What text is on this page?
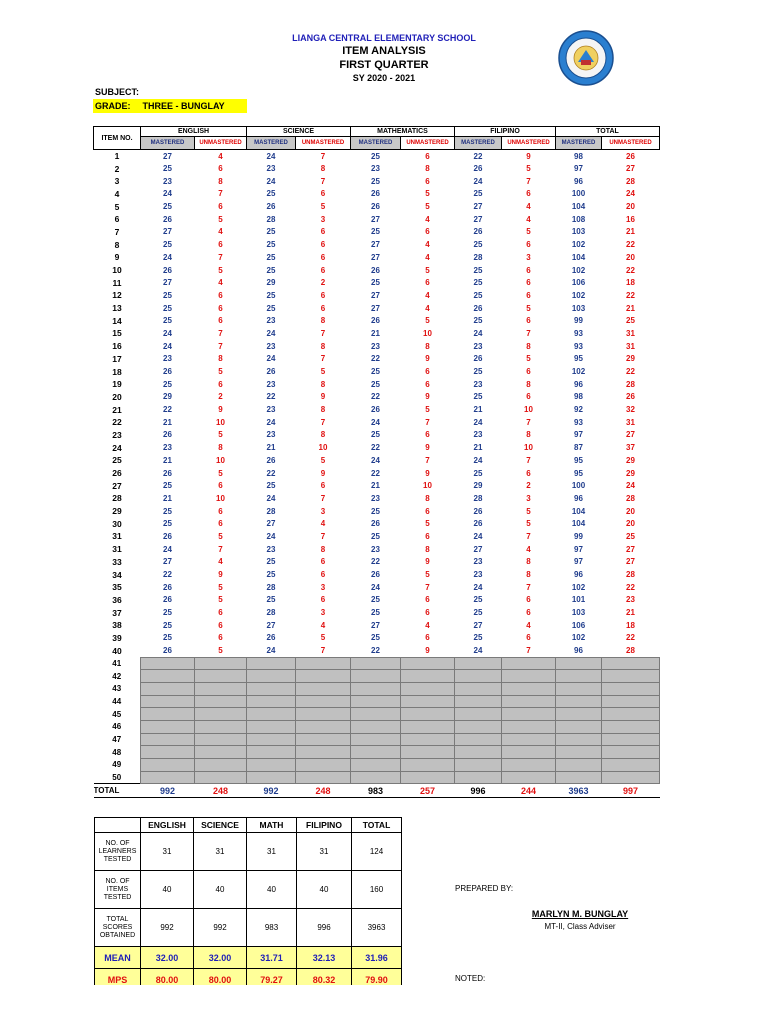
LIANGA CENTRAL ELEMENTARY SCHOOL
ITEM ANALYSIS
FIRST QUARTER
SY 2020 - 2021
SUBJECT:
GRADE: THREE - BUNGLAY
ITEM NO.	ENGLISH		SCIENCE		MATHEMATICS		FILIPINO		TOTAL	
	MASTERED	UNMASTERED	MASTERED	UNMASTERED	MASTERED	UNMASTERED	MASTERED	UNMASTERED	MASTERED	UNMASTERED
1	27	4	24	7	25	6	22	9	98	26
2	25	6	23	8	23	8	26	5	97	27
3	23	8	24	7	25	6	24	7	96	28
4	24	7	25	6	26	5	25	6	100	24
5	25	6	26	5	26	5	27	4	104	20
6	26	5	28	3	27	4	27	4	108	16
7	27	4	25	6	25	6	26	5	103	21
8	25	6	25	6	27	4	25	6	102	22
9	24	7	25	6	27	4	28	3	104	20
10	26	5	25	6	26	5	25	6	102	22
11	27	4	29	2	25	6	25	6	106	18
12	25	6	25	6	27	4	25	6	102	22
13	25	6	25	6	27	4	26	5	103	21
14	25	6	23	8	26	5	25	6	99	25
15	24	7	24	7	21	10	24	7	93	31
16	24	7	23	8	23	8	23	8	93	31
17	23	8	24	7	22	9	26	5	95	29
18	26	5	26	5	25	6	25	6	102	22
19	25	6	23	8	25	6	23	8	96	28
20	29	2	22	9	22	9	25	6	98	26
21	22	9	23	8	26	5	21	10	92	32
22	21	10	24	7	24	7	24	7	93	31
23	26	5	23	8	25	6	23	8	97	27
24	23	8	21	10	22	9	21	10	87	37
25	21	10	26	5	24	7	24	7	95	29
26	26	5	22	9	22	9	25	6	95	29
27	25	6	25	6	21	10	29	2	100	24
28	21	10	24	7	23	8	28	3	96	28
29	25	6	28	3	25	6	26	5	104	20
30	25	6	27	4	26	5	26	5	104	20
31	26	5	24	7	25	6	24	7	99	25
31	24	7	23	8	23	8	27	4	97	27
33	27	4	25	6	22	9	23	8	97	27
34	22	9	25	6	26	5	23	8	96	28
35	26	5	28	3	24	7	24	7	102	22
36	26	5	25	6	25	6	25	6	101	23
37	25	6	28	3	25	6	25	6	103	21
38	25	6	27	4	27	4	27	4	106	18
39	25	6	26	5	25	6	25	6	102	22
40	26	5	24	7	22	9	24	7	96	28
41										
42										
43										
44										
45										
46										
47										
48										
49										
50										
TOTAL	992	248	992	248	983	257	996	244	3963	997
	ENGLISH	SCIENCE	MATH	FILIPINO	TOTAL
NO. OF LEARNERS TESTED	31	31	31	31	124
NO. OF ITEMS TESTED	40	40	40	40	160
TOTAL SCORES OBTAINED	992	992	983	996	3963
MEAN	32.00	32.00	31.71	32.13	31.96
MPS	80.00	80.00	79.27	80.32	79.90
PREPARED BY:
MARLYN M. BUNGLAY
MT-II, Class Adviser
NOTED:
